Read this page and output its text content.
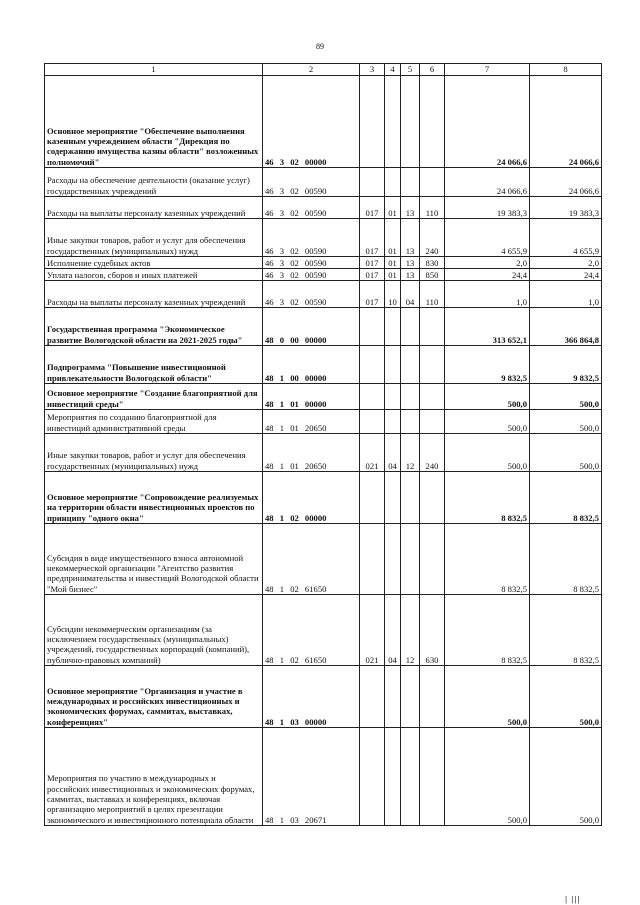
89
1	2	3	4	5	6	7	8
Основное мероприятие "Обеспечение выполнения казенным учреждением области "Дирекция по содержанию имущества казны области" возложенных полномочий"	46 3 02 00000					24 066,6	24 066,6
Расходы на обеспечение деятельности (оказание услуг) государственных учреждений	46 3 02 00590					24 066,6	24 066,6
Расходы на выплаты персоналу казенных учреждений	46 3 02 00590	017	01	13	110	19 383,3	19 383,3
Иные закупки товаров, работ и услуг для обеспечения государственных (муниципальных) нужд	46 3 02 00590	017	01	13	240	4 655,9	4 655,9
Исполнение судебных актов	46 3 02 00590	017	01	13	830	2,0	2,0
Уплата налогов, сборов и иных платежей	46 3 02 00590	017	01	13	850	24,4	24,4
Расходы на выплаты персоналу казенных учреждений	46 3 02 00590	017	10	04	110	1,0	1,0
Государственная программа "Экономическое развитие Вологодской области на 2021-2025 годы"	48 0 00 00000					313 652,1	366 864,8
Подпрограмма "Повышение инвестиционной привлекательности Вологодской области"	48 1 00 00000					9 832,5	9 832,5
Основное мероприятие "Создание благоприятной для инвестиций среды"	48 1 01 00000					500,0	500,0
Мероприятия по созданию благоприятной для инвестиций административной среды	48 1 01 20650					500,0	500,0
Иные закупки товаров, работ и услуг для обеспечения государственных (муниципальных) нужд	48 1 01 20650	021	04	12	240	500,0	500,0
Основное мероприятие "Сопровождение реализуемых на территории области инвестиционных проектов по принципу "одного окна"	48 1 02 00000					8 832,5	8 832,5
Субсидия в виде имущественного взноса автономной некоммерческой организации "Агентство развития предпринимательства и инвестиций Вологодской области "Мой бизнес"	48 1 02 61650					8 832,5	8 832,5
Субсидии некоммерческим организациям (за исключением государственных (муниципальных) учреждений, государственных корпораций (компаний), публично-правовых компаний)	48 1 02 61650	021	04	12	630	8 832,5	8 832,5
Основное мероприятие "Организация и участие в международных и российских инвестиционных и экономических форумах, саммитах, выставках, конференциях"	48 1 03 00000					500,0	500,0
Мероприятия по участию в международных и российских инвестиционных и экономических форумах, саммитах, выставках и конференциях, включая организацию мероприятий в целях презентации экономического и инвестиционного потенциала области	48 1 03 20671					500,0	500,0
| |||
